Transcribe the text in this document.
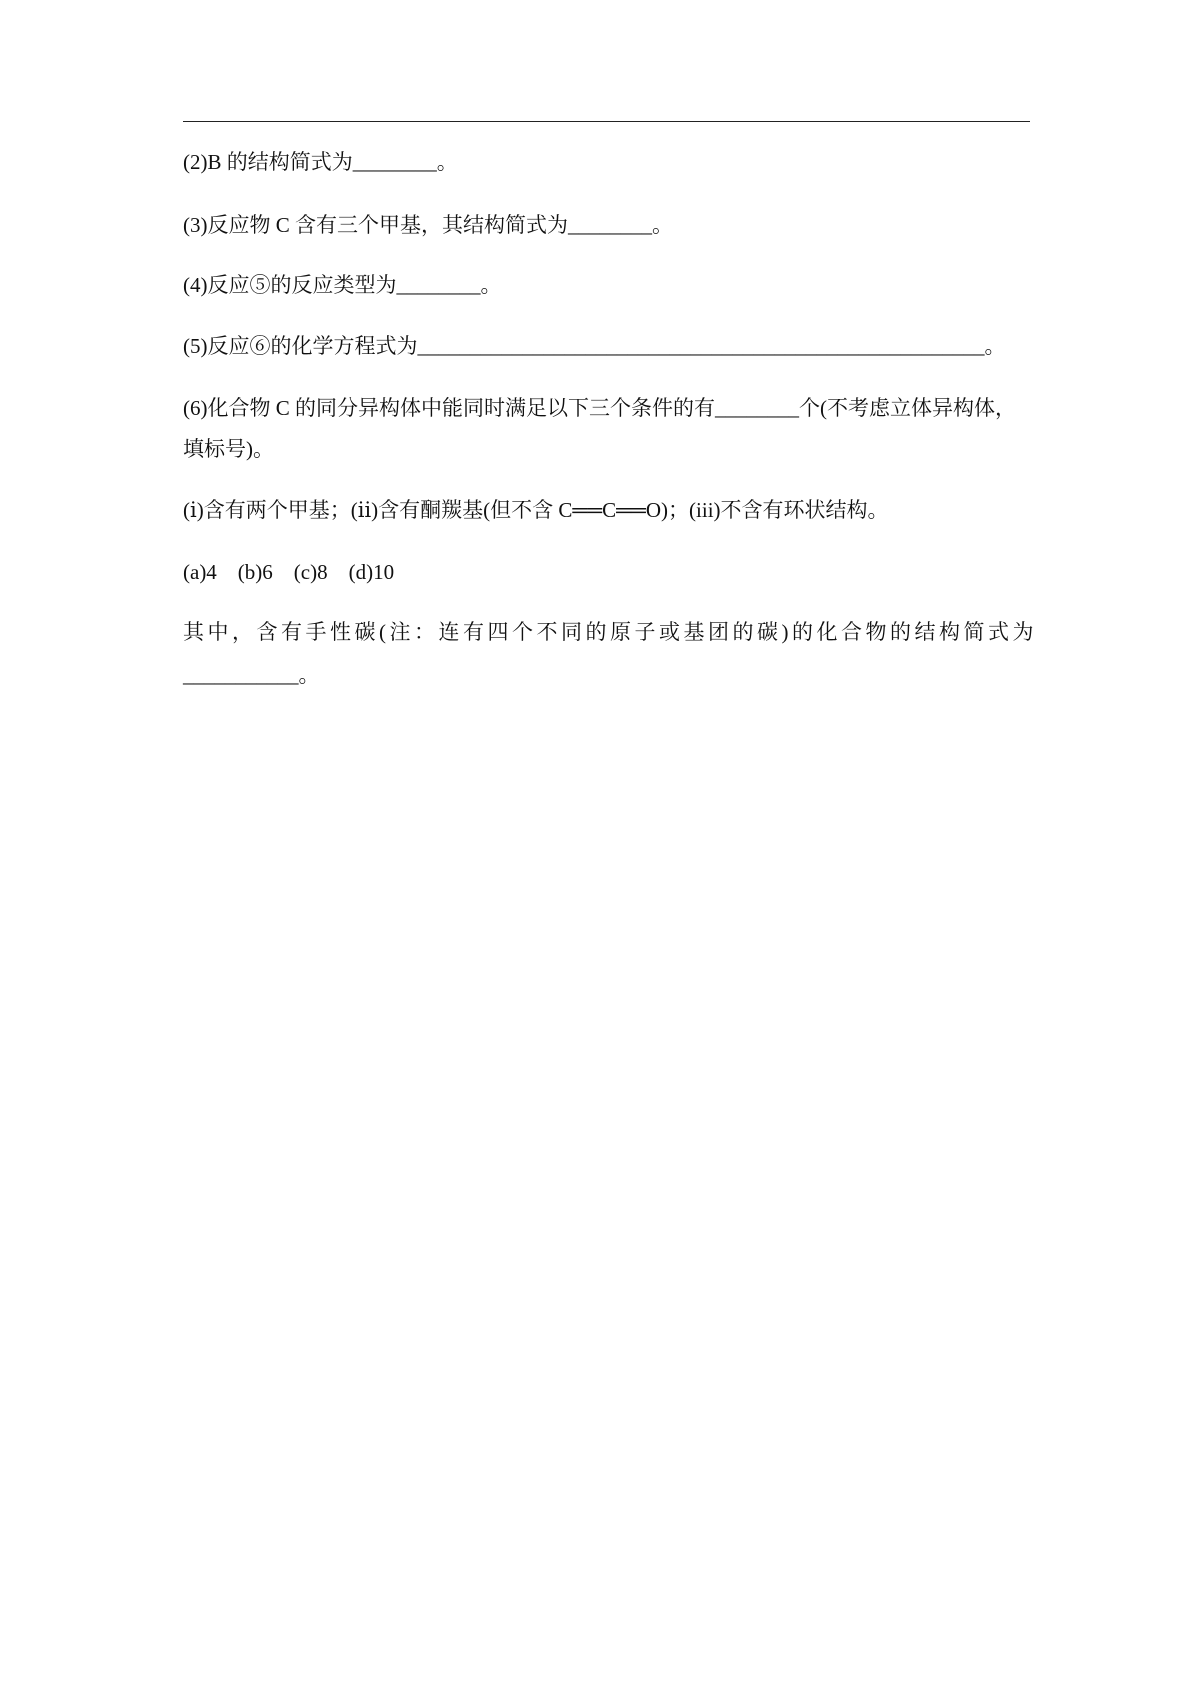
(2)B 的结构简式为________。
(3)反应物 C 含有三个甲基，其结构简式为________。
(4)反应⑤的反应类型为________。
(5)反应⑥的化学方程式为______________________________________________________。
(6)化合物 C 的同分异构体中能同时满足以下三个条件的有________个(不考虑立体异构体，
填标号)。
(ⅰ)含有两个甲基；(ⅱ)含有酮羰基(但不含 C══C══O)；(iii)不含有环状结构。
(a)4　(b)6　(c)8　(d)10
其中，含有手性碳(注：连有四个不同的原子或基团的碳)的化合物的结构简式为
___________。
